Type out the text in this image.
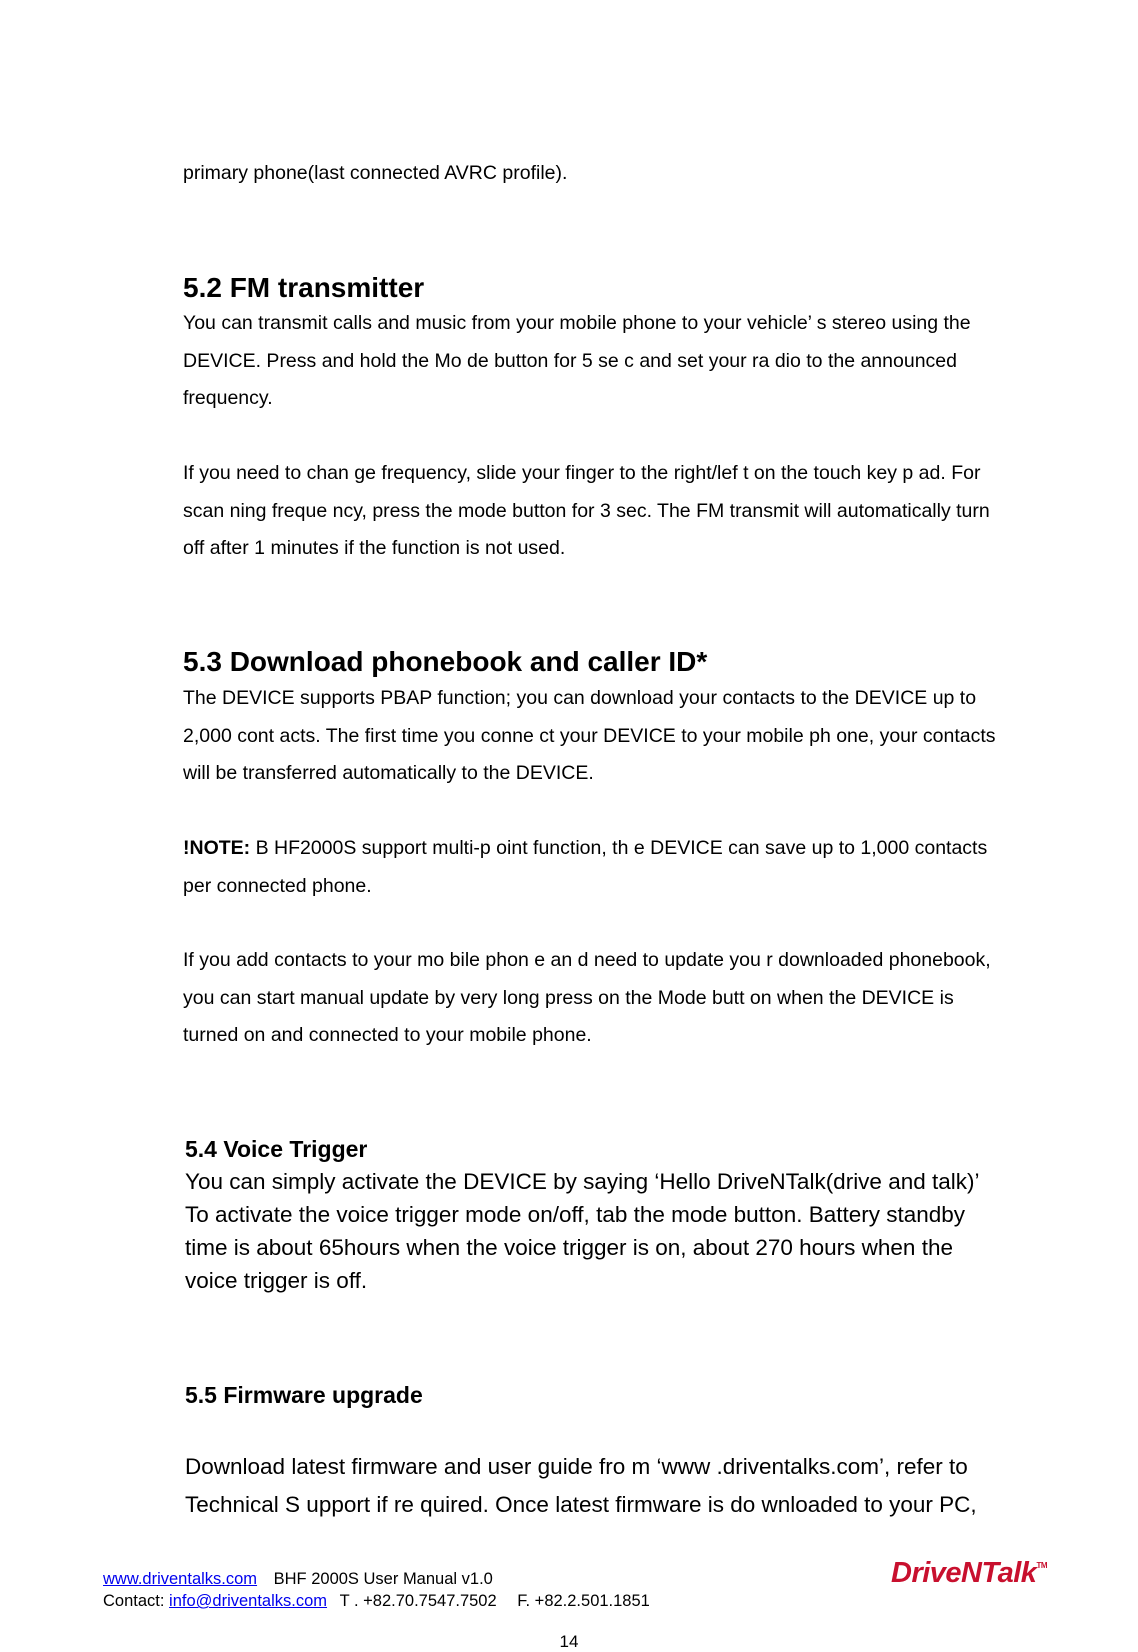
primary phone(last connected AVRC profile).

5.2 FM transmitter

You can transmit calls and music from your mobile phone to your vehicle’ s stereo using the DEVICE. Press and hold the Mo de button for 5 se c and set your ra dio to the announced frequency.

If you need to chan ge frequency, slide your finger to the right/lef t on the touch key p ad. For scan ning freque ncy, press the mode button for 3 sec. The FM transmit will automatically turn off after 1 minutes if the function is not used.

5.3 Download phonebook and caller ID*

The DEVICE supports PBAP function; you can download your contacts to the DEVICE up to 2,000 cont acts. The first time you conne ct your DEVICE to your mobile ph one, your contacts will be transferred automatically to the DEVICE.

!NOTE: B HF2000S support multi-p oint function, th e DEVICE can save up to 1,000 contacts per connected phone.

If you add contacts to your mo bile phon e an d need to update you r downloaded phonebook, you can start manual update by very long press on the Mode butt on when the DEVICE is turned on and connected to your mobile phone.

5.4 Voice Trigger
You can simply activate the DEVICE by saying ‘Hello DriveNTalk(drive and talk)’
To activate the voice trigger mode on/off, tab the mode button. Battery standby
time is about 65hours when the voice trigger is on, about 270 hours when the
voice trigger is off.
5.5 Firmware upgrade
Download latest firmware and user guide fro m ‘www .driventalks.com’, refer to
Technical S upport if re quired. Once latest firmware is do wnloaded to your PC,
www.driventalks.com BHF 2000S User Manual v1.0
Contact: info@driventalks.com T . +82.70.7547.7502 F. +82.2.501.1851
DriveNTalk™
14
